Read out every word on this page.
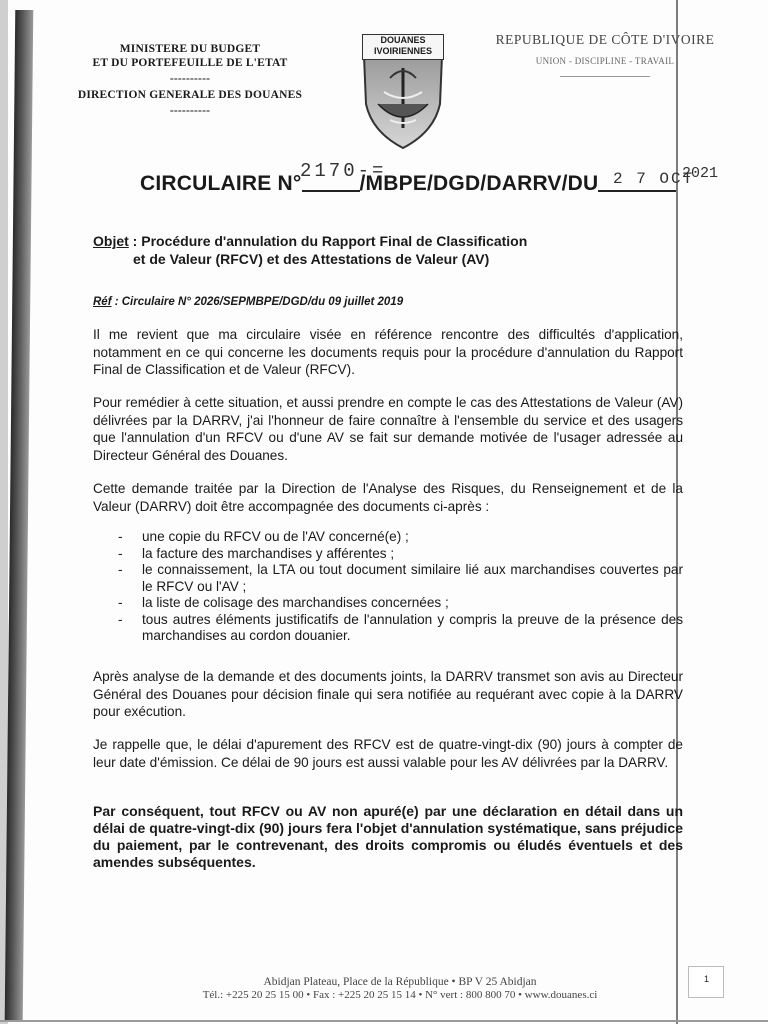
MINISTERE DU BUDGET
ET DU PORTEFEUILLE DE L'ETAT
----------
DIRECTION GENERALE DES DOUANES
----------
DOUANES
IVOIRIENNES
REPUBLIQUE DE CÔTE D'IVOIRE
UNION - DISCIPLINE - TRAVAIL
2170-=	2 7 OCT
2021
CIRCULAIRE N°	/MBPE/DGD/DARRV/DU
Objet : Procédure d'annulation du Rapport Final de Classification
et de Valeur (RFCV) et des Attestations de Valeur (AV)
Réf : Circulaire N° 2026/SEPMBPE/DGD/du 09 juillet 2019
Il me revient que ma circulaire visée en référence rencontre des difficultés d'application, notamment en ce qui concerne les documents requis pour la procédure d'annulation du Rapport Final de Classification et de Valeur (RFCV).
Pour remédier à cette situation, et aussi prendre en compte le cas des Attestations de Valeur (AV) délivrées par la DARRV, j'ai l'honneur de faire connaître à l'ensemble du service et des usagers que l'annulation d'un RFCV ou d'une AV se fait sur demande motivée de l'usager adressée au Directeur Général des Douanes.
Cette demande traitée par la Direction de l'Analyse des Risques, du Renseignement et de la Valeur (DARRV) doit être accompagnée des documents ci-après :
- une copie du RFCV ou de l'AV concerné(e) ;
- la facture des marchandises y afférentes ;
- le connaissement, la LTA ou tout document similaire lié aux marchandises couvertes par le RFCV ou l'AV ;
- la liste de colisage des marchandises concernées ;
- tous autres éléments justificatifs de l'annulation y compris la preuve de la présence des marchandises au cordon douanier.
Après analyse de la demande et des documents joints, la DARRV transmet son avis au Directeur Général des Douanes pour décision finale qui sera notifiée au requérant avec copie à la DARRV pour exécution.
Je rappelle que, le délai d'apurement des RFCV est de quatre-vingt-dix (90) jours à compter de leur date d'émission. Ce délai de 90 jours est aussi valable pour les AV délivrées par la DARRV.
Par conséquent, tout RFCV ou AV non apuré(e) par une déclaration en détail dans un délai de quatre-vingt-dix (90) jours fera l'objet d'annulation systématique, sans préjudice du paiement, par le contrevenant, des droits compromis ou éludés éventuels et des amendes subséquentes.
Abidjan Plateau, Place de la République • BP V 25 Abidjan
Tél.: +225 20 25 15 00 • Fax : +225 20 25 15 14 • N° vert : 800 800 70 • www.douanes.ci
1
